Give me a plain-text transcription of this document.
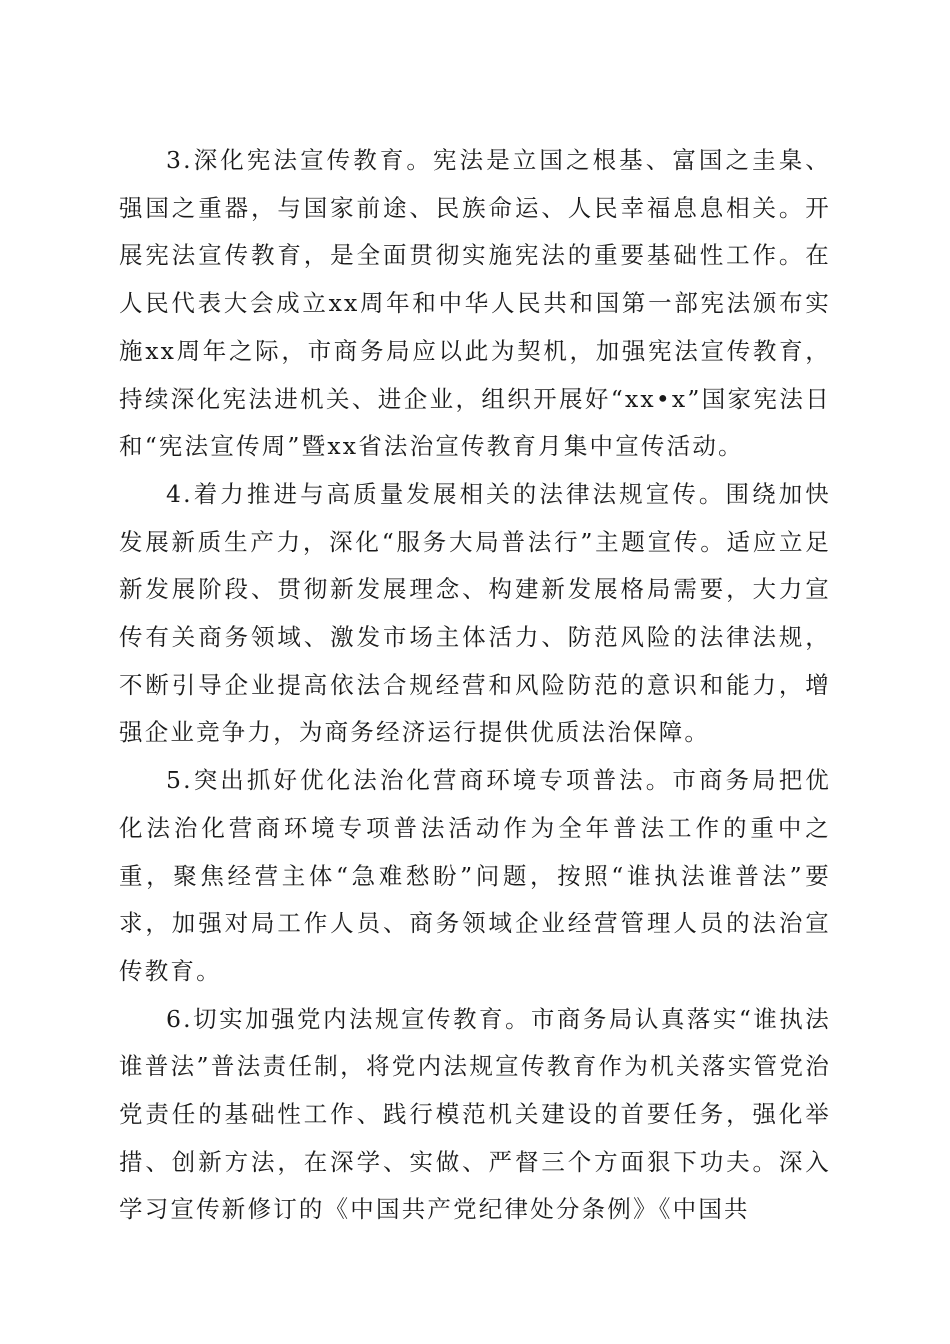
3.深化宪法宣传教育。宪法是立国之根基、富国之圭臬、强国之重器，与国家前途、民族命运、人民幸福息息相关。开展宪法宣传教育，是全面贯彻实施宪法的重要基础性工作。在人民代表大会成立xx周年和中华人民共和国第一部宪法颁布实施xx周年之际，市商务局应以此为契机，加强宪法宣传教育，持续深化宪法进机关、进企业，组织开展好“xx•x”国家宪法日和“宪法宣传周”暨xx省法治宣传教育月集中宣传活动。

4.着力推进与高质量发展相关的法律法规宣传。围绕加快发展新质生产力，深化“服务大局普法行”主题宣传。适应立足新发展阶段、贯彻新发展理念、构建新发展格局需要，大力宣传有关商务领域、激发市场主体活力、防范风险的法律法规，不断引导企业提高依法合规经营和风险防范的意识和能力，增强企业竞争力，为商务经济运行提供优质法治保障。

5.突出抓好优化法治化营商环境专项普法。市商务局把优化法治化营商环境专项普法活动作为全年普法工作的重中之重，聚焦经营主体“急难愁盼”问题，按照“谁执法谁普法”要求，加强对局工作人员、商务领域企业经营管理人员的法治宣传教育。

6.切实加强党内法规宣传教育。市商务局认真落实“谁执法谁普法”普法责任制，将党内法规宣传教育作为机关落实管党治党责任的基础性工作、践行模范机关建设的首要任务，强化举措、创新方法，在深学、实做、严督三个方面狠下功夫。深入学习宣传新修订的《中国共产党纪律处分条例》《中国共
